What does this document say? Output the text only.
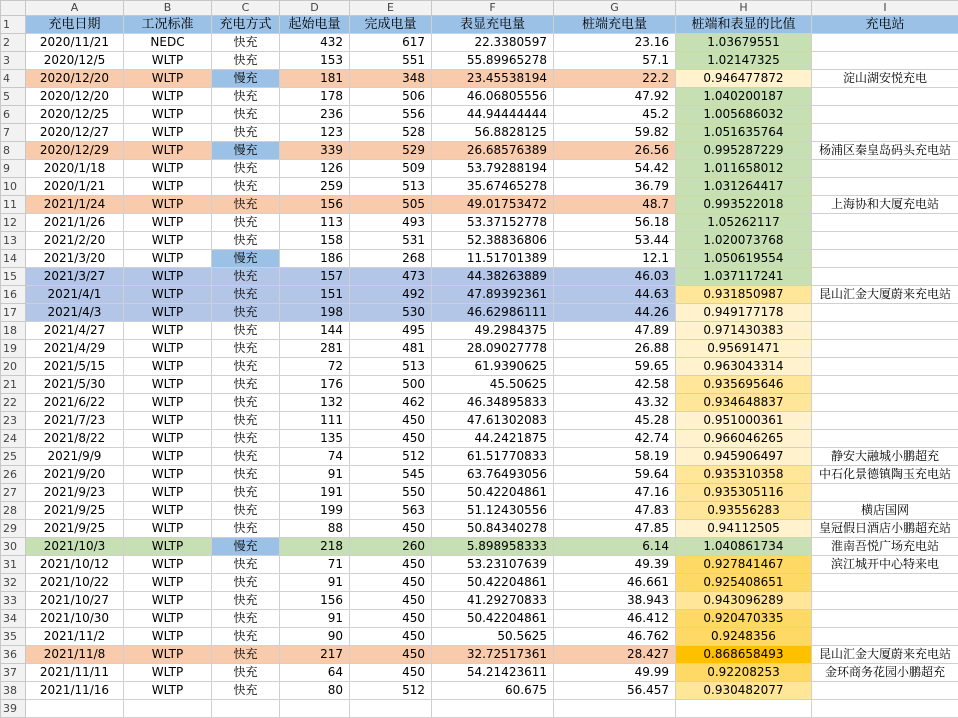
	A	B	C	D	E	F	G	H	I
1	充电日期	工况标准	充电方式	起始电量	完成电量	表显充电量	桩端充电量	桩端和表显的比值	充电站
2	2020/11/21	NEDC	快充	432	617	22.3380597	23.16	1.03679551	
3	2020/12/5	WLTP	快充	153	551	55.89965278	57.1	1.02147325	
4	2020/12/20	WLTP	慢充	181	348	23.45538194	22.2	0.946477872	淀山湖安悦充电
5	2020/12/20	WLTP	快充	178	506	46.06805556	47.92	1.040200187	
6	2020/12/25	WLTP	快充	236	556	44.94444444	45.2	1.005686032	
7	2020/12/27	WLTP	快充	123	528	56.8828125	59.82	1.051635764	
8	2020/12/29	WLTP	慢充	339	529	26.68576389	26.56	0.995287229	杨浦区秦皇岛码头充电站
9	2020/1/18	WLTP	快充	126	509	53.79288194	54.42	1.011658012	
10	2020/1/21	WLTP	快充	259	513	35.67465278	36.79	1.031264417	
11	2021/1/24	WLTP	快充	156	505	49.01753472	48.7	0.993522018	上海协和大厦充电站
12	2021/1/26	WLTP	快充	113	493	53.37152778	56.18	1.05262117	
13	2021/2/20	WLTP	快充	158	531	52.38836806	53.44	1.020073768	
14	2021/3/20	WLTP	慢充	186	268	11.51701389	12.1	1.050619554	
15	2021/3/27	WLTP	快充	157	473	44.38263889	46.03	1.037117241	
16	2021/4/1	WLTP	快充	151	492	47.89392361	44.63	0.931850987	昆山汇金大厦蔚来充电站
17	2021/4/3	WLTP	快充	198	530	46.62986111	44.26	0.949177178	
18	2021/4/27	WLTP	快充	144	495	49.2984375	47.89	0.971430383	
19	2021/4/29	WLTP	快充	281	481	28.09027778	26.88	0.95691471	
20	2021/5/15	WLTP	快充	72	513	61.9390625	59.65	0.963043314	
21	2021/5/30	WLTP	快充	176	500	45.50625	42.58	0.935695646	
22	2021/6/22	WLTP	快充	132	462	46.34895833	43.32	0.934648837	
23	2021/7/23	WLTP	快充	111	450	47.61302083	45.28	0.951000361	
24	2021/8/22	WLTP	快充	135	450	44.2421875	42.74	0.966046265	
25	2021/9/9	WLTP	快充	74	512	61.51770833	58.19	0.945906497	静安大融城小鹏超充
26	2021/9/20	WLTP	快充	91	545	63.76493056	59.64	0.935310358	中石化景德镇陶玉充电站
27	2021/9/23	WLTP	快充	191	550	50.42204861	47.16	0.935305116	
28	2021/9/25	WLTP	快充	199	563	51.12430556	47.83	0.93556283	横店国网
29	2021/9/25	WLTP	快充	88	450	50.84340278	47.85	0.94112505	皇冠假日酒店小鹏超充站
30	2021/10/3	WLTP	慢充	218	260	5.898958333	6.14	1.040861734	淮南吾悦广场充电站
31	2021/10/12	WLTP	快充	71	450	53.23107639	49.39	0.927841467	滨江城开中心特来电
32	2021/10/22	WLTP	快充	91	450	50.42204861	46.661	0.925408651	
33	2021/10/27	WLTP	快充	156	450	41.29270833	38.943	0.943096289	
34	2021/10/30	WLTP	快充	91	450	50.42204861	46.412	0.920470335	
35	2021/11/2	WLTP	快充	90	450	50.5625	46.762	0.9248356	
36	2021/11/8	WLTP	快充	217	450	32.72517361	28.427	0.868658493	昆山汇金大厦蔚来充电站
37	2021/11/11	WLTP	快充	64	450	54.21423611	49.99	0.92208253	金环商务花园小鹏超充
38	2021/11/16	WLTP	快充	80	512	60.675	56.457	0.930482077	
39									
